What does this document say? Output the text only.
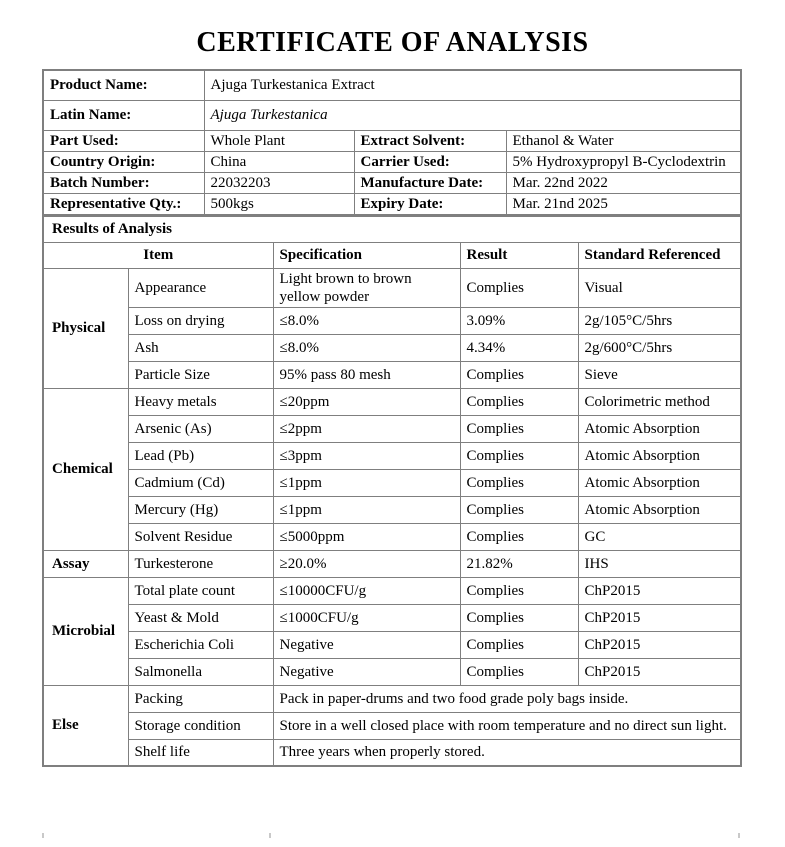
CERTIFICATE OF ANALYSIS
Product Name:	Ajuga Turkestanica Extract		
Latin Name:	Ajuga Turkestanica		
Part Used:	Whole Plant	Extract Solvent:	Ethanol & Water
Country Origin:	China	Carrier Used:	5% Hydroxypropyl B-Cyclodextrin
Batch Number:	22032203	Manufacture Date:	Mar. 22nd 2022
Representative Qty.:	500kgs	Expiry Date:	Mar. 21nd 2025
Results of Analysis				
Item		Specification	Result	Standard Referenced
Physical	Appearance	Light brown to brown yellow powder	Complies	Visual
	Loss on drying	≤8.0%	3.09%	2g/105°C/5hrs
	Ash	≤8.0%	4.34%	2g/600°C/5hrs
	Particle Size	95% pass 80 mesh	Complies	Sieve
Chemical	Heavy metals	≤20ppm	Complies	Colorimetric method
	Arsenic (As)	≤2ppm	Complies	Atomic Absorption
	Lead (Pb)	≤3ppm	Complies	Atomic Absorption
	Cadmium (Cd)	≤1ppm	Complies	Atomic Absorption
	Mercury (Hg)	≤1ppm	Complies	Atomic Absorption
	Solvent Residue	≤5000ppm	Complies	GC
Assay	Turkesterone	≥20.0%	21.82%	IHS
Microbial	Total plate count	≤10000CFU/g	Complies	ChP2015
	Yeast & Mold	≤1000CFU/g	Complies	ChP2015
	Escherichia Coli	Negative	Complies	ChP2015
	Salmonella	Negative	Complies	ChP2015
Else	Packing	Pack in paper-drums and two food grade poly bags inside.		
	Storage condition	Store in a well closed place with room temperature and no direct sun light.		
	Shelf life	Three years when properly stored.		
